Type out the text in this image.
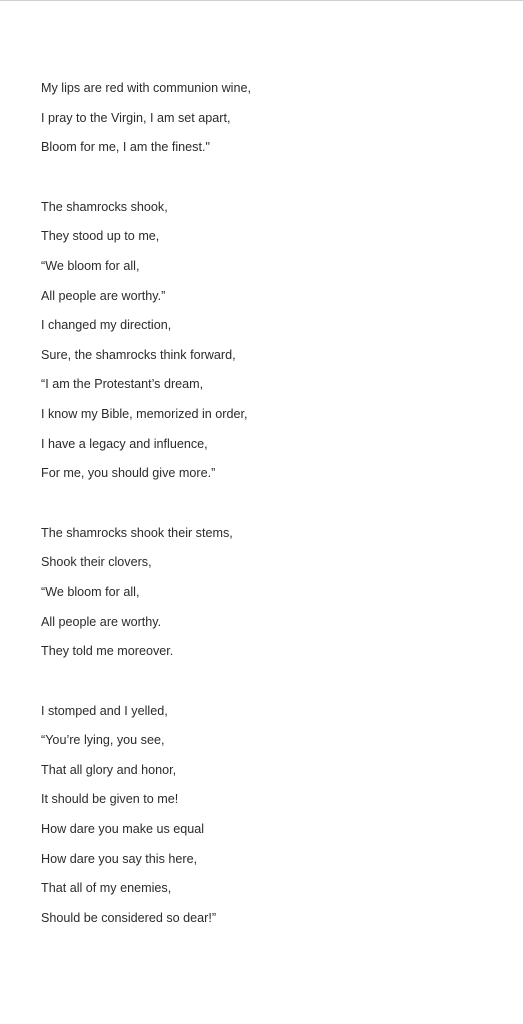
My lips are red with communion wine,
I pray to the Virgin, I am set apart,
Bloom for me, I am the finest."
The shamrocks shook,
They stood up to me,
“We bloom for all,
All people are worthy.”
I changed my direction,
Sure, the shamrocks think forward,
“I am the Protestant’s dream,
I know my Bible, memorized in order,
I have a legacy and influence,
For me, you should give more.”
The shamrocks shook their stems,
Shook their clovers,
“We bloom for all,
All people are worthy.
They told me moreover.
I stomped and I yelled,
“You’re lying, you see,
That all glory and honor,
It should be given to me!
How dare you make us equal
How dare you say this here,
That all of my enemies,
Should be considered so dear!”
